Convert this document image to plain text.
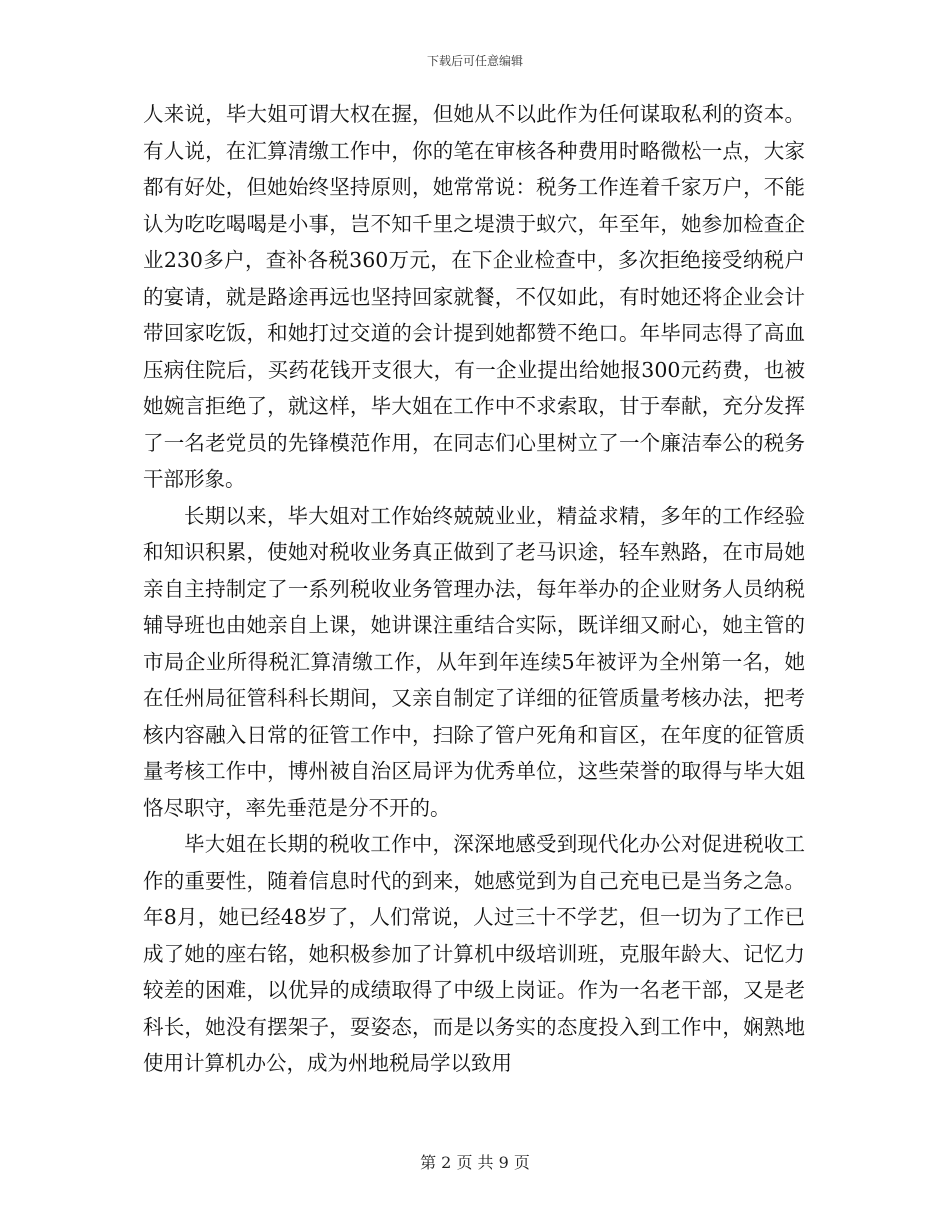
下载后可任意编辑

人来说，毕大姐可谓大权在握，但她从不以此作为任何谋取私利的资本。有人说，在汇算清缴工作中，你的笔在审核各种费用时略微松一点，大家都有好处，但她始终坚持原则，她常常说：税务工作连着千家万户，不能认为吃吃喝喝是小事，岂不知千里之堤溃于蚁穴，年至年，她参加检查企业230多户，查补各税360万元，在下企业检查中，多次拒绝接受纳税户的宴请，就是路途再远也坚持回家就餐，不仅如此，有时她还将企业会计带回家吃饭，和她打过交道的会计提到她都赞不绝口。年毕同志得了高血压病住院后，买药花钱开支很大，有一企业提出给她报300元药费，也被她婉言拒绝了，就这样，毕大姐在工作中不求索取，甘于奉献，充分发挥了一名老党员的先锋模范作用，在同志们心里树立了一个廉洁奉公的税务干部形象。

长期以来，毕大姐对工作始终兢兢业业，精益求精，多年的工作经验和知识积累，使她对税收业务真正做到了老马识途，轻车熟路，在市局她亲自主持制定了一系列税收业务管理办法，每年举办的企业财务人员纳税辅导班也由她亲自上课，她讲课注重结合实际，既详细又耐心，她主管的市局企业所得税汇算清缴工作，从年到年连续5年被评为全州第一名，她在任州局征管科科长期间，又亲自制定了详细的征管质量考核办法，把考核内容融入日常的征管工作中，扫除了管户死角和盲区，在年度的征管质量考核工作中，博州被自治区局评为优秀单位，这些荣誉的取得与毕大姐恪尽职守，率先垂范是分不开的。

毕大姐在长期的税收工作中，深深地感受到现代化办公对促进税收工作的重要性，随着信息时代的到来，她感觉到为自己充电已是当务之急。年8月，她已经48岁了，人们常说，人过三十不学艺，但一切为了工作已成了她的座右铭，她积极参加了计算机中级培训班，克服年龄大、记忆力较差的困难，以优异的成绩取得了中级上岗证。作为一名老干部，又是老科长，她没有摆架子，耍姿态，而是以务实的态度投入到工作中，娴熟地使用计算机办公，成为州地税局学以致用

第 2 页 共 9 页
